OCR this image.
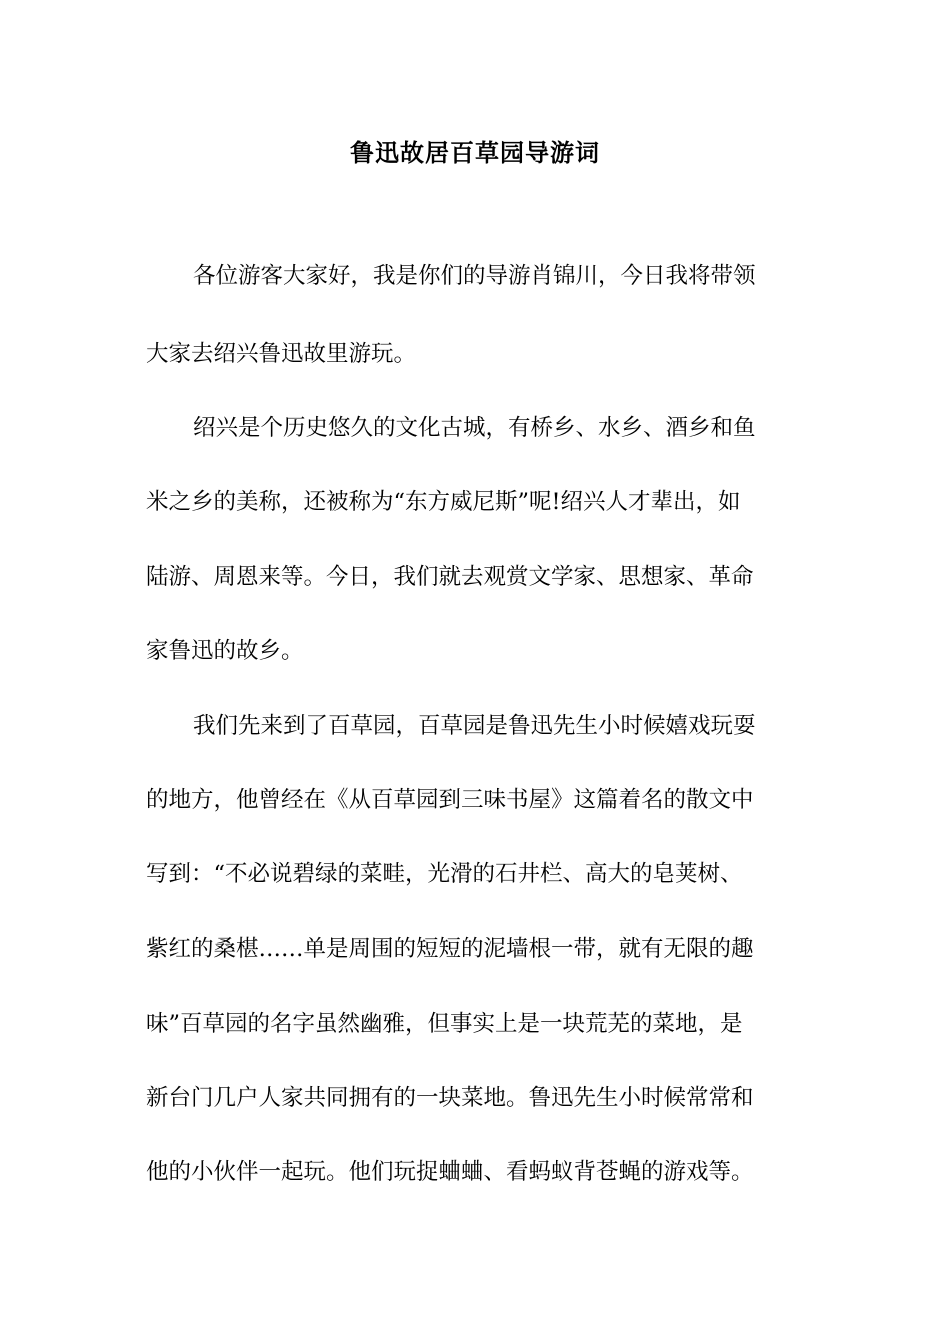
鲁迅故居百草园导游词
各位游客大家好，我是你们的导游肖锦川，今日我将带领
大家去绍兴鲁迅故里游玩。
绍兴是个历史悠久的文化古城，有桥乡、水乡、酒乡和鱼
米之乡的美称，还被称为“东方威尼斯”呢!绍兴人才辈出，如
陆游、周恩来等。今日，我们就去观赏文学家、思想家、革命
家鲁迅的故乡。
我们先来到了百草园，百草园是鲁迅先生小时候嬉戏玩耍
的地方，他曾经在《从百草园到三味书屋》这篇着名的散文中
写到：“不必说碧绿的菜畦，光滑的石井栏、高大的皂荚树、
紫红的桑椹……单是周围的短短的泥墙根一带，就有无限的趣
味”百草园的名字虽然幽雅，但事实上是一块荒芜的菜地，是
新台门几户人家共同拥有的一块菜地。鲁迅先生小时候常常和
他的小伙伴一起玩。他们玩捉蛐蛐、看蚂蚁背苍蝇的游戏等。
